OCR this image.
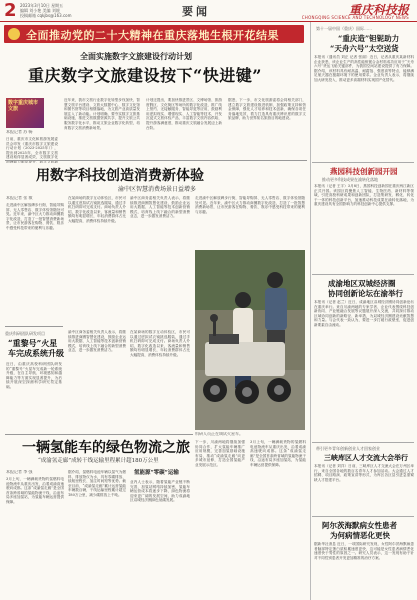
2 2023年3月10日 星期五
编辑 刘小艳 美编 刘媛
投稿邮箱 cqkjbs@163.com	要闻	重庆科技报
CHONGQING SCIENCE AND TECHNOLOGY NEWS
全面推动党的二十大精神在重庆落地生根开花结果
全面实施数字文旅建设行动计划
重庆数字文旅建设按下“快进键”
数字重庆城市文旅
本报记者 苏 畅
日前，重庆市文化和旅游发展委员会印发《重庆市数字文旅建设行动计划（2023-2025年）》，提出到2025年，全市数字文旅建设取得显著成效，文旅数字化治理能力明显提升，数字文旅新
近年来，我市文旅行业数字化转型步伐加快，智慧文旅平台建设、文旅大数据中心、数字文化馆和图书馆等项目相继落地，为文旅产业高质量发展注入了新动能。计划明确，要夯实数字文旅基础设施，推进文旅数据资源共享，提升文旅公共服务数字化水平，推动文旅企业数字化转型，培育数字文旅消费新场景。
计划还提出，要加快推进景区、文博场馆、旅游度假区、文化街区等场所的数字化改造，推广线上预约、无接触服务、智能导览等应用，鼓励利用虚拟现实、增强现实、人工智能等技术，开发沉浸式文旅体验产品，丰富数字文旅内容供给，提升游客满意度，推动重庆文旅融合发展迈上新台阶。
据悉，下一步，市文化旅游委将会同相关部门，建立数字文旅建设推进机制，加强政策支持和资金保障，强化人才培养和技术创新，确保各项任务落地见效，着力打造具有重庆辨识度的数字文旅品牌，助力世界知名旅游目的地建设。
用数字科技创造消费新体验
渝中区智慧消费场景日益增多
本报记者 张 敏
走进渝中区解放碑步行街，智能导购屏、无人零售店、数字体验馆随处可见。近年来，渝中区大力推动商圈数字化改造，打造了一批智慧消费新场景，让市民游客在购物、餐饮、娱乐中感受科技带来的便利与乐趣。
在某商场的数字互动体验区，市民可以通过虚拟试衣镜挑选服装，通过手机扫码即可完成支付。商场负责人介绍，数字化改造以来，客流量和销售额均有明显增长，年轻消费群体占比大幅提高，消费体验持续升级。
渝中区商务委相关负责人表示，将继续推进商圈智慧化建设，鼓励企业运用大数据、人工智能等技术创新营销模式，培育线上线下融合的新型消费业态，进一步激发消费活力。
走进渝中区解放碑步行街，智能导购屏、无人零售店、数字体验馆随处可见。近年来，渝中区大力推动商圈数字化改造，打造了一批智慧消费新场景，让市民游客在购物、餐饮、娱乐中感受科技带来的便利与乐趣。
重庆科研团队研发项目
“重黎号”火星车完成系统升级
近日，由重庆高校科研团队研发的“重黎号”火星车完成新一轮系统升级，在自主导航、环境感知和越障能力等方面实现显著提升，为后续开展深空探测科学研究奠定基础。
渝中区商务委相关负责人表示，将继续推进商圈智慧化建设，鼓励企业运用大数据、人工智能等技术创新营销模式，培育线上线下融合的新型消费业态，进一步激发消费活力。
在某商场的数字互动体验区，市民可以通过虚拟试衣镜挑选服装，通过手机扫码即可完成支付。商场负责人介绍，数字化改造以来，客流量和销售额均有明显增长，年轻消费群体占比大幅提高，消费体验持续升级。
科研人员正在调试火星车。
一辆氢能车的绿色物流之旅
“成渝氢走廊”成转干线运输里程累计超180万公里
本报记者 李 强
3月上旬，一辆满载货物的氢燃料电池物流车从重庆出发，沿着成渝高速驶向成都。这条“成渝氢走廊”是全国首条跨省域的氢能物流干线，沿途布局多座加氢站，为氢能车辆运营提供保障。
据介绍，氢燃料电池车辆以氢气为燃料，排放物仅为水，具有零碳排放、续航里程长、加注时间短等优势。截至目前，“成渝氢走廊”累计运营氢能车辆数百辆，干线运输里程累计超过180万公里，减少碳排放上千吨。
氢能源“零碳”运输
业内人士表示，随着氢能产业链不断完善，加氢站网络持续加密，氢能车辆运营成本将逐步下降，绿色物流将迎来更广阔的发展空间，助力成渝地区双城经济圈绿色低碳发展。
下一步，川渝两地将继续加强协同合作，扩大氢能车辆推广应用规模，完善加氢基础设施布局，推动“成渝氢走廊”向更多城市延伸，打造全国氢能产业发展示范区。
3月上旬，一辆满载货物的氢燃料电池物流车从重庆出发，沿着成渝高速驶向成都。这条“成渝氢走廊”是全国首条跨省域的氢能物流干线，沿途布局多座加氢站，为氢能车辆运营提供保障。
第十一届中国（重庆）国际……
“重庆造”钽铌助力
“天舟六号”太空送货
本报讯（通讯员 刘正 记者 张丽）近日，记者从重庆某新材料企业获悉，该企业生产的高性能钽铌合金材料成功应用于“天舟六号”货运飞船关键部件，为我国空间站建设提供了有力保障。据介绍，该材料具有耐高温、耐腐蚀、强度高等特点，能够满足航天器在极端环境下的使用要求。企业负责人表示，将继续加大研发投入，推动更多高端材料实现国产化替代。
燕园科技创新园开园
推动更多科技成果在渝转化落地
本报讯（记者 王宇）3月8日，燕园科技创新园在重庆两江新区正式开园。该园区将聚焦人工智能、生物医药、新材料等领域，引进高校科研成果和创新团队，打造集研发、孵化、转化于一体的科技创新平台，加速推动科技成果在渝转化落地，为重庆建设具有全国影响力的科技创新中心提供支撑。
成渝地区双城经济圈
协同创新论坛在渝举行
本报讯（记者 赵兰）近日，成渝地区双城经济圈协同创新论坛在重庆举行。来自川渝两地的专家学者、企业代表围绕科技创新协同、产业链融合发展等议题展开深入交流，共同探讨推动区域协同创新的新路径、新举措，为双城经济圈建设贡献智慧和力量。与会代表一致认为，要进一步打破行政壁垒，促进创新要素自由流动。
带引更多青年创新创业人才回家创业
三峡库区人才交流大会举行
本报讯（记者 刘洋）日前，三峡库区人才交流大会在万州区举行，来自全国各地的数百名青年人才参加活动。大会通过人才招聘、项目路演、政策宣讲等形式，为库区各区县引进急需紧缺人才搭建平台。
阿尔茨海默病女性患者
为何病情恶化更快
据新华社消息 近日，一项国际研究发现，女性阿尔茨海默病患者脑部特定蛋白质积累速度更快，这可能是女性患者病情恶化速度快于男性的原因之一。研究人员表示，这一发现有助于针对不同性别患者开发更加精准的治疗方案。
